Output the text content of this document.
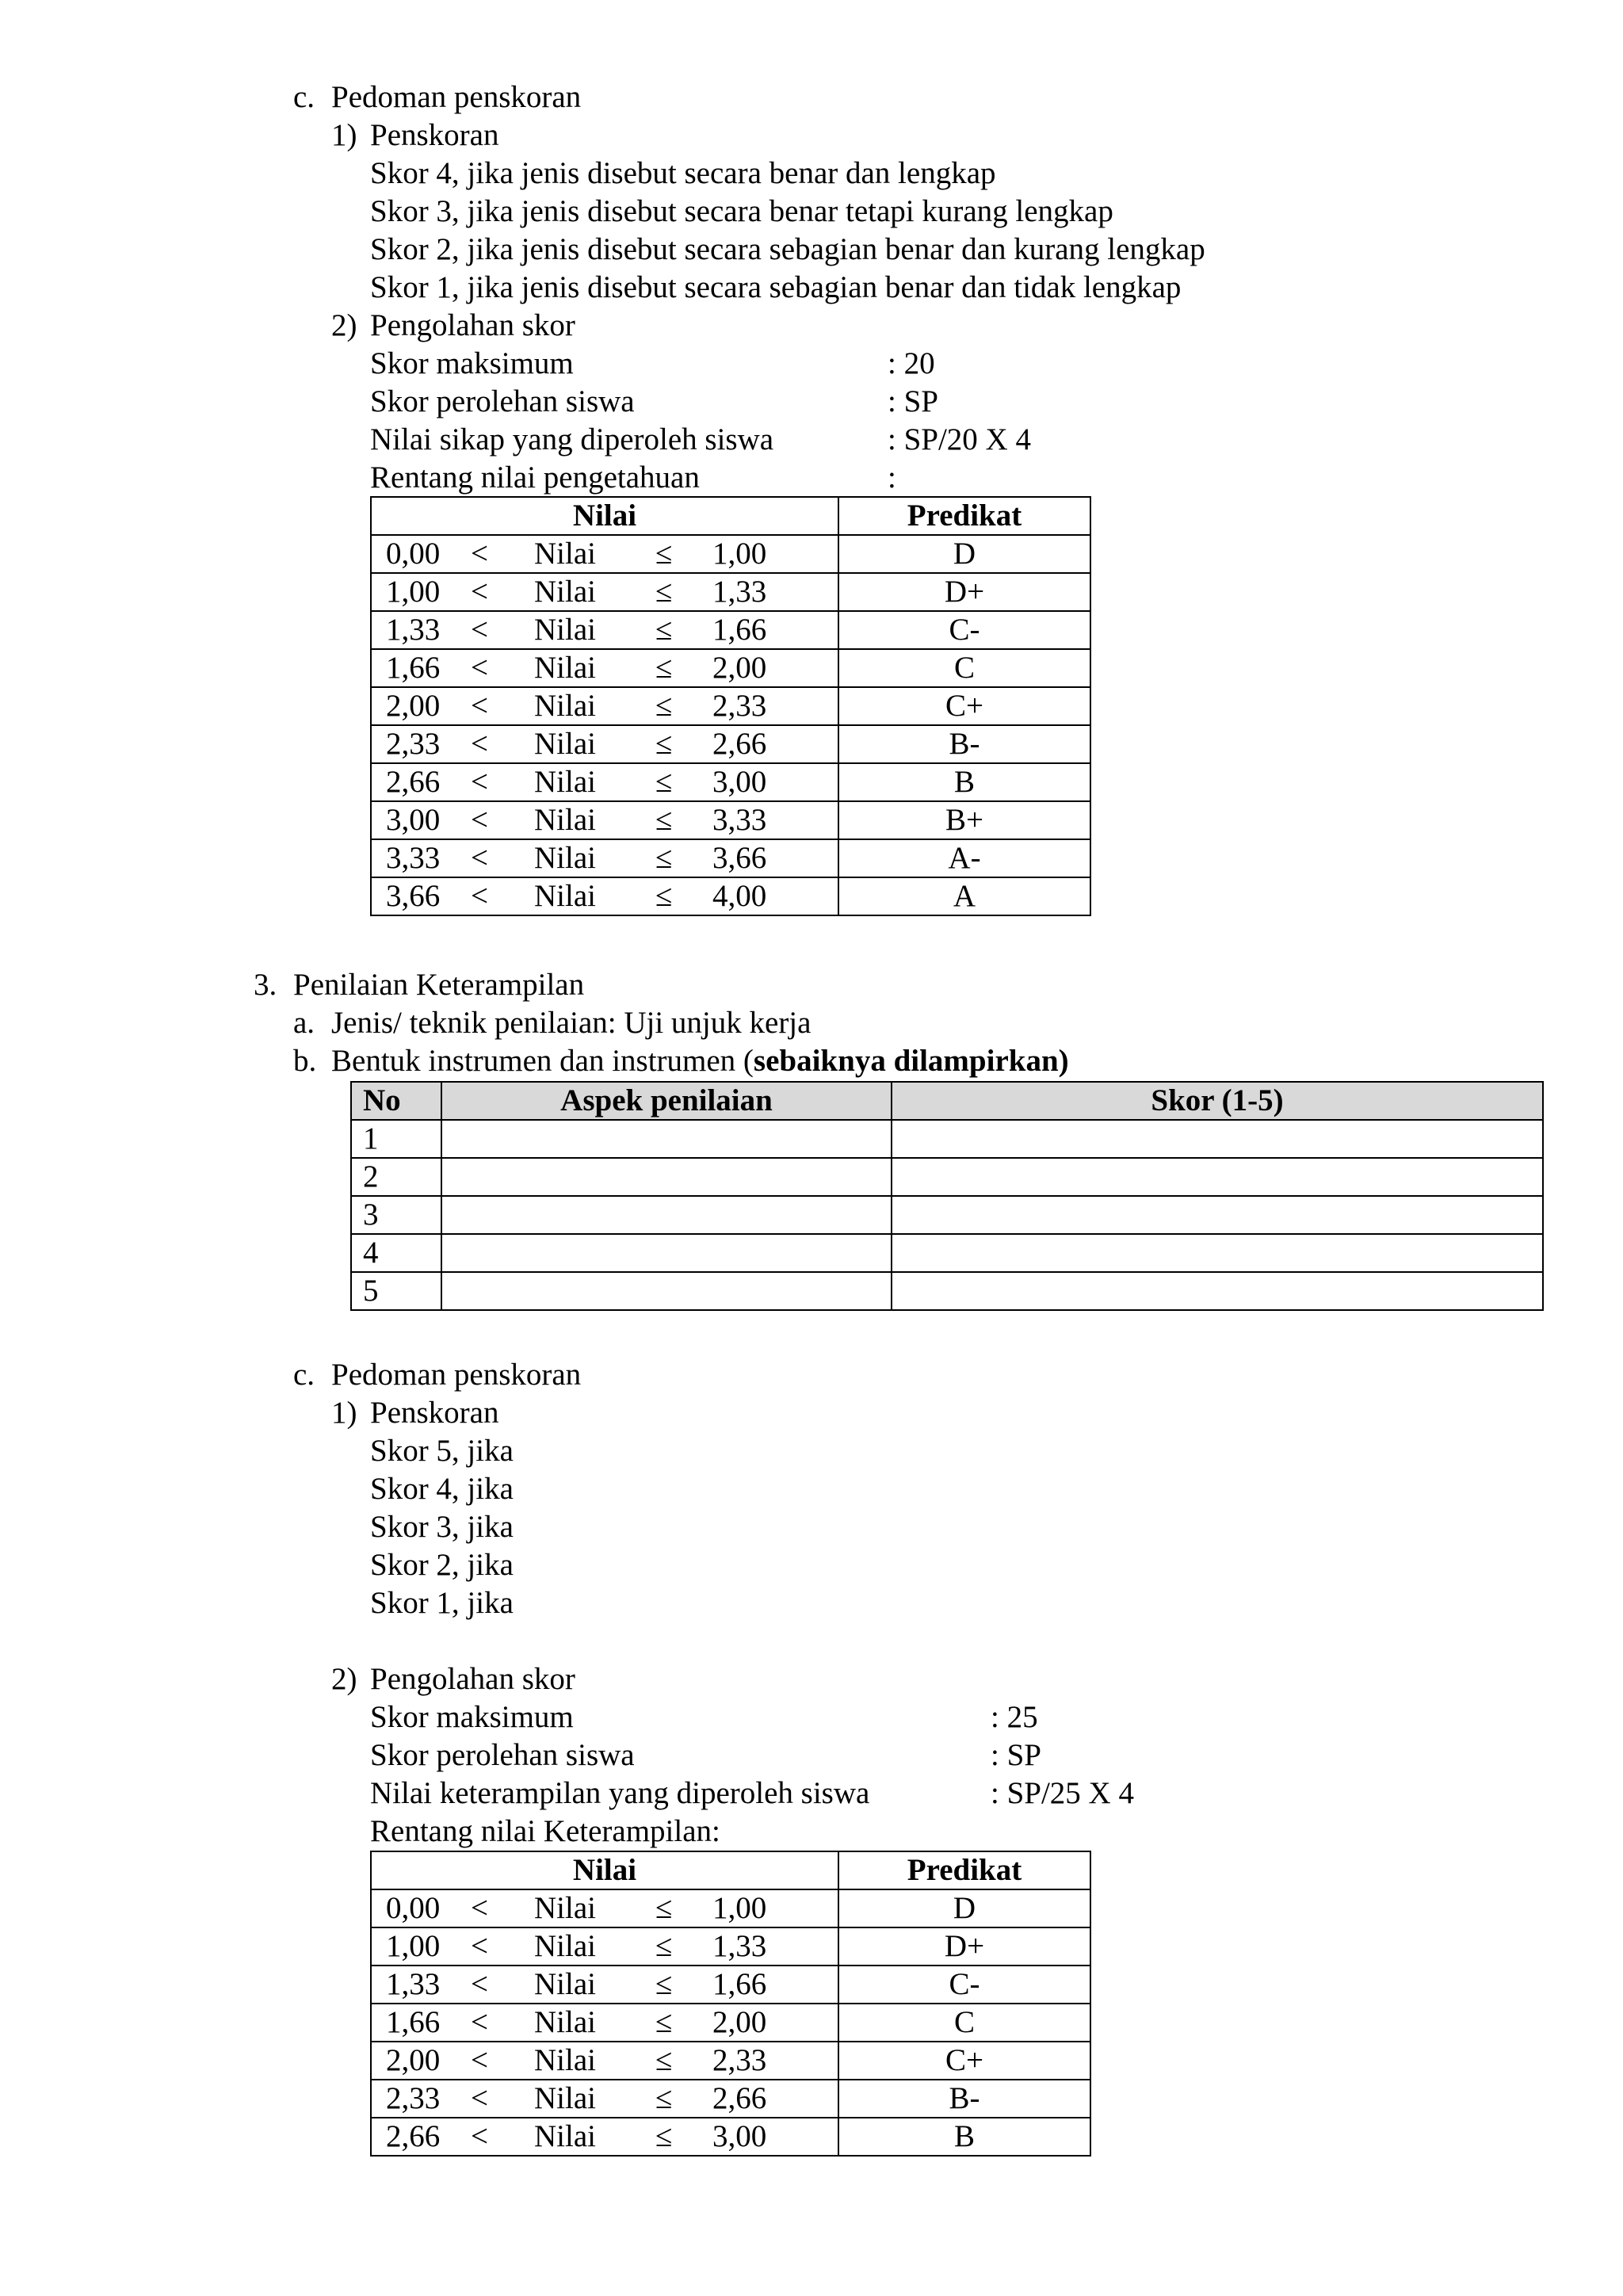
c. Pedoman penskoran
1) Penskoran
Skor 4, jika jenis disebut secara benar dan lengkap
Skor 3, jika jenis disebut secara benar tetapi kurang lengkap
Skor 2, jika jenis disebut secara sebagian benar dan kurang lengkap
Skor 1, jika jenis disebut secara sebagian benar dan tidak lengkap
2) Pengolahan skor
Skor maksimum	: 20
Skor perolehan siswa	: SP
Nilai sikap yang diperoleh siswa	: SP/20 X 4
Rentang nilai pengetahuan	:
Nilai	Predikat

0,00 < Nilai ≤ 1,00	D

1,00 < Nilai ≤ 1,33	D+

1,33 < Nilai ≤ 1,66	C-

1,66 < Nilai ≤ 2,00	C

2,00 < Nilai ≤ 2,33	C+

2,33 < Nilai ≤ 2,66	B-

2,66 < Nilai ≤ 3,00	B

3,00 < Nilai ≤ 3,33	B+

3,33 < Nilai ≤ 3,66	A-

3,66 < Nilai ≤ 4,00	A
3. Penilaian Keterampilan
a. Jenis/ teknik penilaian: Uji unjuk kerja
b. Bentuk instrumen dan instrumen (sebaiknya dilampirkan)
No	Aspek penilaian	Skor (1-5)
1		
2		
3		
4		
5		
c. Pedoman penskoran
1) Penskoran
Skor 5, jika
Skor 4, jika
Skor 3, jika
Skor 2, jika
Skor 1, jika
2) Pengolahan skor
Skor maksimum	: 25
Skor perolehan siswa	: SP
Nilai keterampilan yang diperoleh siswa	: SP/25 X 4
Rentang nilai Keterampilan:
Nilai	Predikat

0,00 < Nilai ≤ 1,00	D

1,00 < Nilai ≤ 1,33	D+

1,33 < Nilai ≤ 1,66	C-

1,66 < Nilai ≤ 2,00	C

2,00 < Nilai ≤ 2,33	C+

2,33 < Nilai ≤ 2,66	B-

2,66 < Nilai ≤ 3,00	B
